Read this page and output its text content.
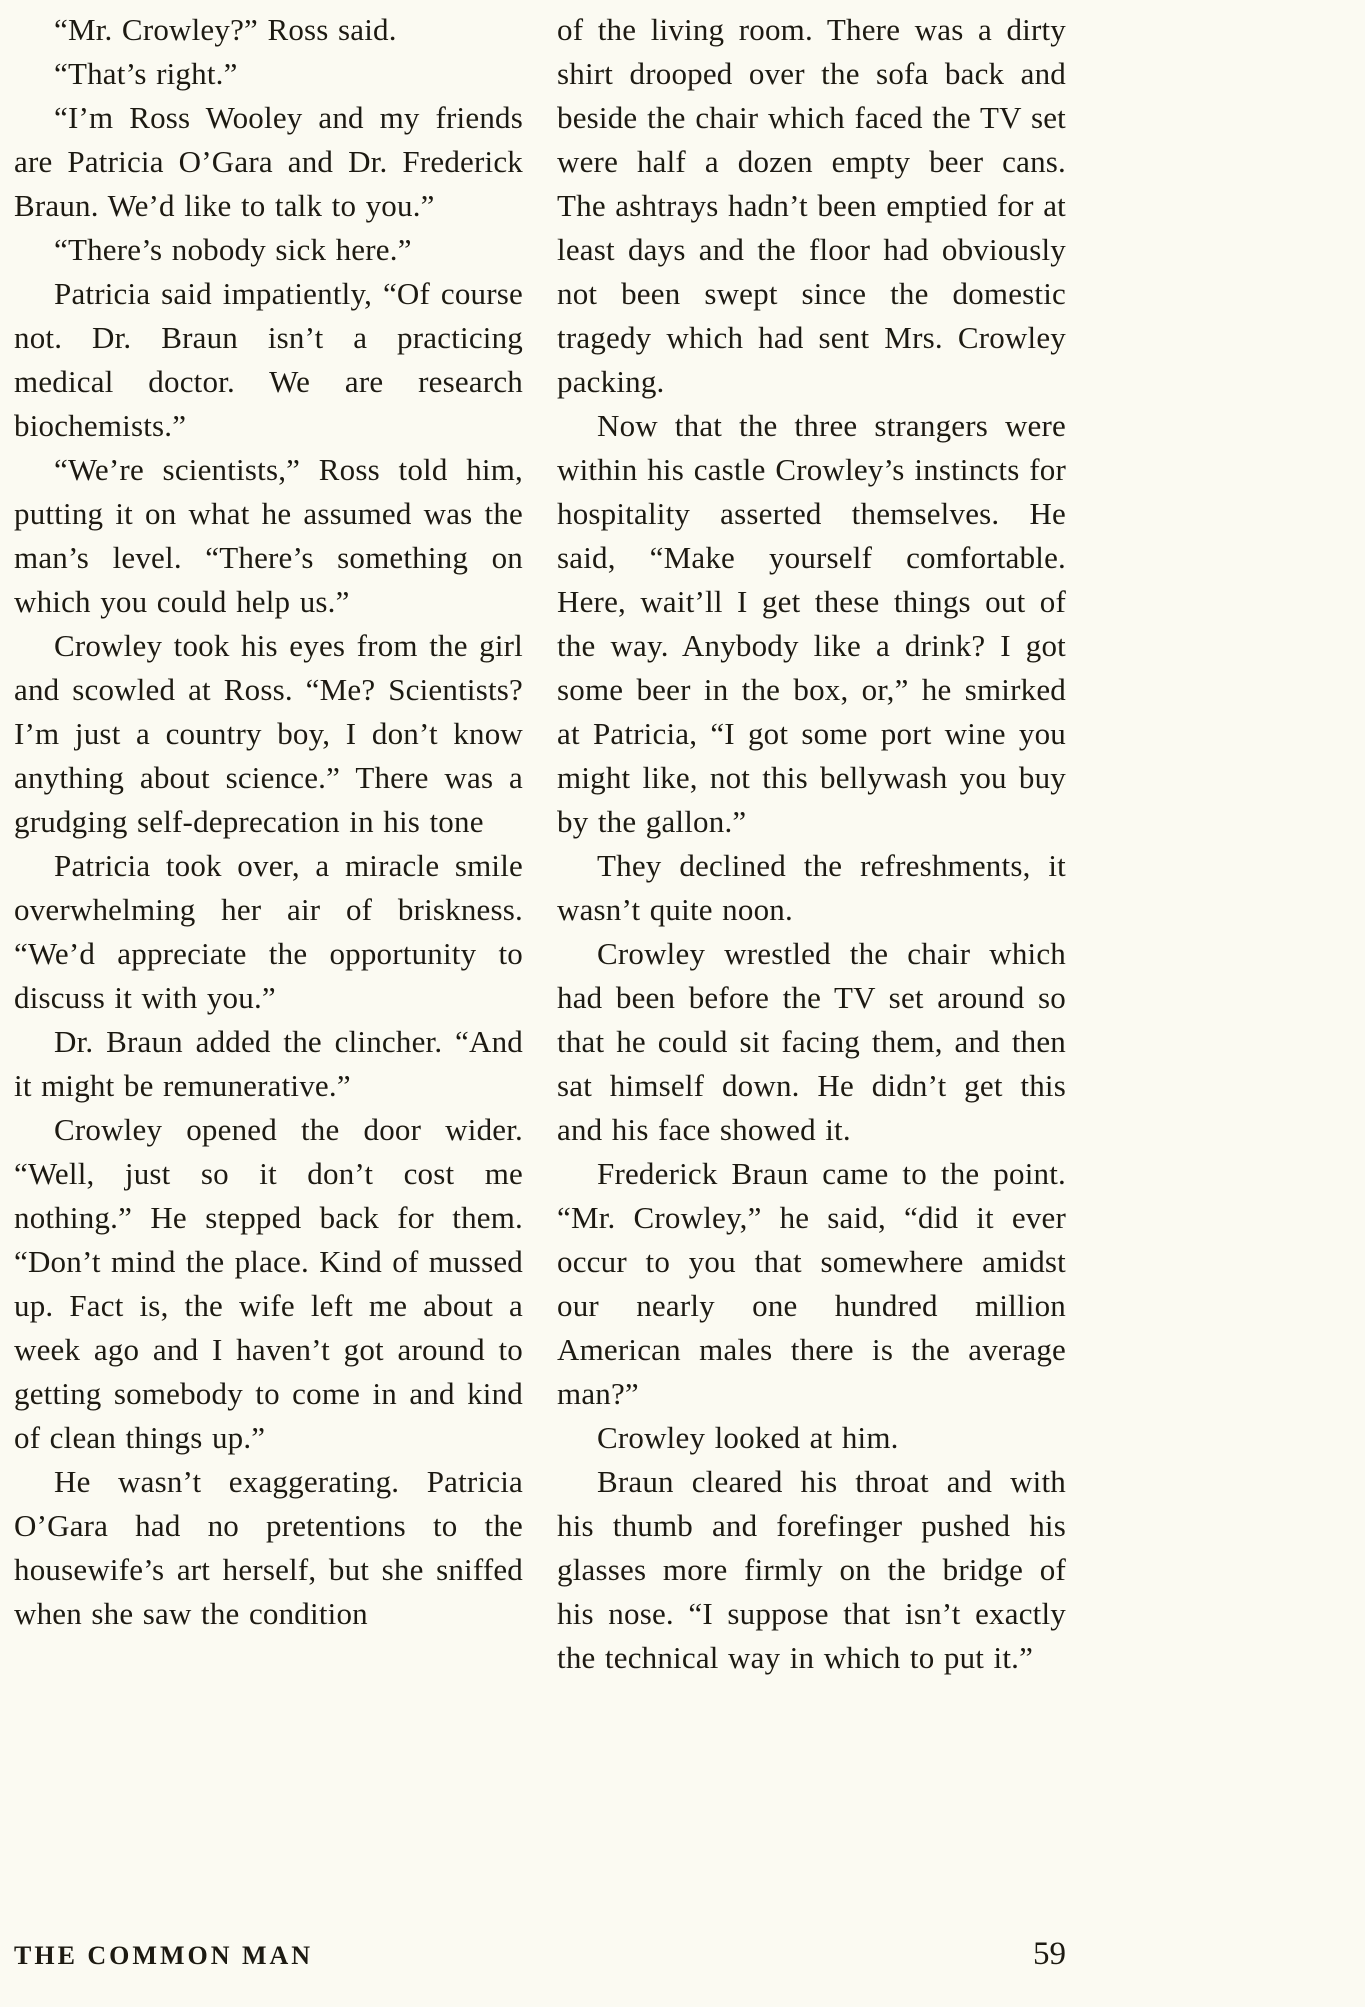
“Mr. Crowley?” Ross said.

“That’s right.”

“I’m Ross Wooley and my friends are Patricia O’Gara and Dr. Frederick Braun. We’d like to talk to you.”

“There’s nobody sick here.”

Patricia said impatiently, “Of course not. Dr. Braun isn’t a practicing medical doctor. We are research biochemists.”

“We’re scientists,” Ross told him, putting it on what he assumed was the man’s level. “There’s something on which you could help us.”

Crowley took his eyes from the girl and scowled at Ross. “Me? Scientists? I’m just a country boy, I don’t know anything about science.” There was a grudging self-deprecation in his tone

Patricia took over, a miracle smile overwhelming her air of briskness. “We’d appreciate the opportunity to discuss it with you.”

Dr. Braun added the clincher. “And it might be remunerative.”

Crowley opened the door wider. “Well, just so it don’t cost me nothing.” He stepped back for them. “Don’t mind the place. Kind of mussed up. Fact is, the wife left me about a week ago and I haven’t got around to getting somebody to come in and kind of clean things up.”

He wasn’t exaggerating. Patricia O’Gara had no pretentions to the housewife’s art herself, but she sniffed when she saw the condition

of the living room. There was a dirty shirt drooped over the sofa back and beside the chair which faced the TV set were half a dozen empty beer cans. The ashtrays hadn’t been emptied for at least days and the floor had obviously not been swept since the domestic tragedy which had sent Mrs. Crowley packing.

Now that the three strangers were within his castle Crowley’s instincts for hospitality asserted themselves. He said, “Make yourself comfortable. Here, wait’ll I get these things out of the way. Anybody like a drink? I got some beer in the box, or,” he smirked at Patricia, “I got some port wine you might like, not this bellywash you buy by the gallon.”

They declined the refreshments, it wasn’t quite noon.

Crowley wrestled the chair which had been before the TV set around so that he could sit facing them, and then sat himself down. He didn’t get this and his face showed it.

Frederick Braun came to the point. “Mr. Crowley,” he said, “did it ever occur to you that somewhere amidst our nearly one hundred million American males there is the average man?”

Crowley looked at him.

Braun cleared his throat and with his thumb and forefinger pushed his glasses more firmly on the bridge of his nose. “I suppose that isn’t exactly the technical way in which to put it.”

THE COMMON MAN	59
